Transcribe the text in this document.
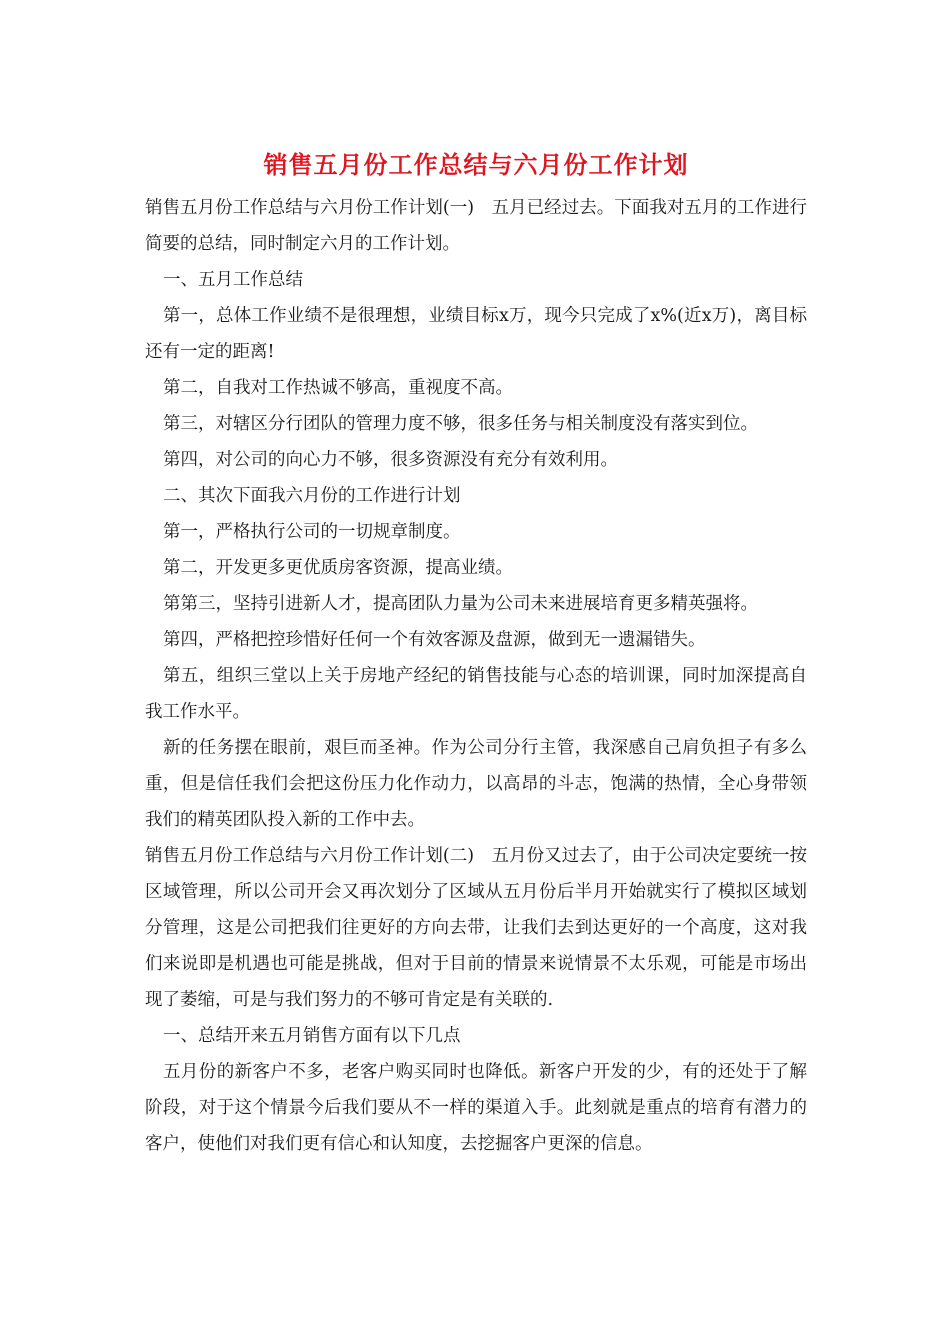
销售五月份工作总结与六月份工作计划

销售五月份工作总结与六月份工作计划(一)　五月已经过去。下面我对五月的工作进行简要的总结，同时制定六月的工作计划。

一、五月工作总结

第一，总体工作业绩不是很理想，业绩目标x万，现今只完成了x%(近x万)，离目标还有一定的距离!

第二，自我对工作热诚不够高，重视度不高。

第三，对辖区分行团队的管理力度不够，很多任务与相关制度没有落实到位。

第四，对公司的向心力不够，很多资源没有充分有效利用。

二、其次下面我六月份的工作进行计划

第一，严格执行公司的一切规章制度。

第二，开发更多更优质房客资源，提高业绩。

第第三，坚持引进新人才，提高团队力量为公司未来进展培育更多精英强将。

第四，严格把控珍惜好任何一个有效客源及盘源，做到无一遗漏错失。

第五，组织三堂以上关于房地产经纪的销售技能与心态的培训课，同时加深提高自我工作水平。

新的任务摆在眼前，艰巨而圣神。作为公司分行主管，我深感自己肩负担子有多么重，但是信任我们会把这份压力化作动力，以高昂的斗志，饱满的热情，全心身带领我们的精英团队投入新的工作中去。

销售五月份工作总结与六月份工作计划(二)　五月份又过去了，由于公司决定要统一按区域管理，所以公司开会又再次划分了区域从五月份后半月开始就实行了模拟区域划分管理，这是公司把我们往更好的方向去带，让我们去到达更好的一个高度，这对我们来说即是机遇也可能是挑战，但对于目前的情景来说情景不太乐观，可能是市场出现了萎缩，可是与我们努力的不够可肯定是有关联的.

一、总结开来五月销售方面有以下几点

五月份的新客户不多，老客户购买同时也降低。新客户开发的少，有的还处于了解阶段，对于这个情景今后我们要从不一样的渠道入手。此刻就是重点的培育有潜力的客户，使他们对我们更有信心和认知度，去挖掘客户更深的信息。
